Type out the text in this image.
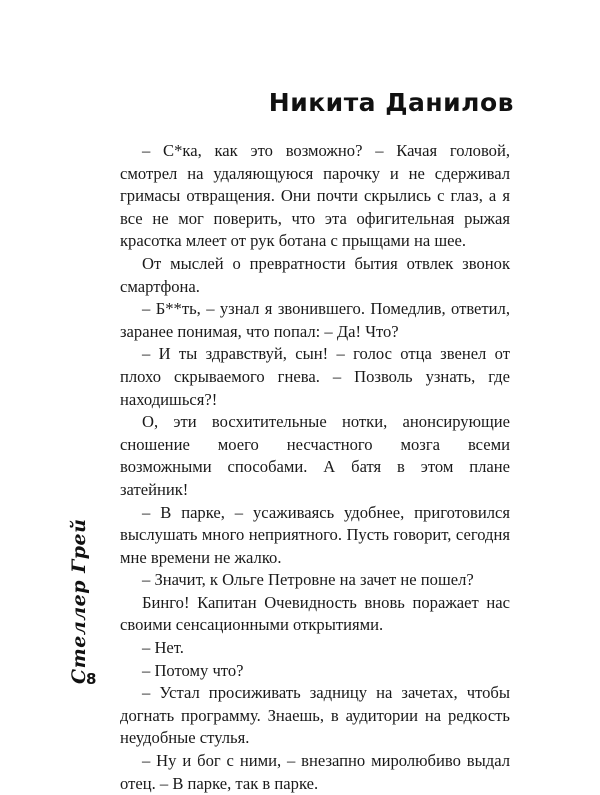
Никита Данилов

– С*ка, как это возможно? – Качая головой, смотрел на удаляющуюся парочку и не сдерживал гримасы отвращения. Они почти скрылись с глаз, а я все не мог поверить, что эта офигительная рыжая красотка млеет от рук ботана с прыщами на шее.

От мыслей о превратности бытия отвлек звонок смартфона.

– Б**ть, – узнал я звонившего. Помедлив, ответил, заранее понимая, что попал: – Да! Что?

– И ты здравствуй, сын! – голос отца звенел от плохо скрываемого гнева. – Позволь узнать, где находишься?!

О, эти восхитительные нотки, анонсирующие сношение моего несчастного мозга всеми возможными способами. А батя в этом плане затейник!

– В парке, – усаживаясь удобнее, приготовился выслушать много неприятного. Пусть говорит, сегодня мне времени не жалко.

– Значит, к Ольге Петровне на зачет не пошел?

Бинго! Капитан Очевидность вновь поражает нас своими сенсационными открытиями.

– Нет.

– Потому что?

– Устал просиживать задницу на зачетах, чтобы догнать программу. Знаешь, в аудитории на редкость неудобные стулья.

– Ну и бог с ними, – внезапно миролюбиво выдал отец. – В парке, так в парке.

Стеллер Грей
8
